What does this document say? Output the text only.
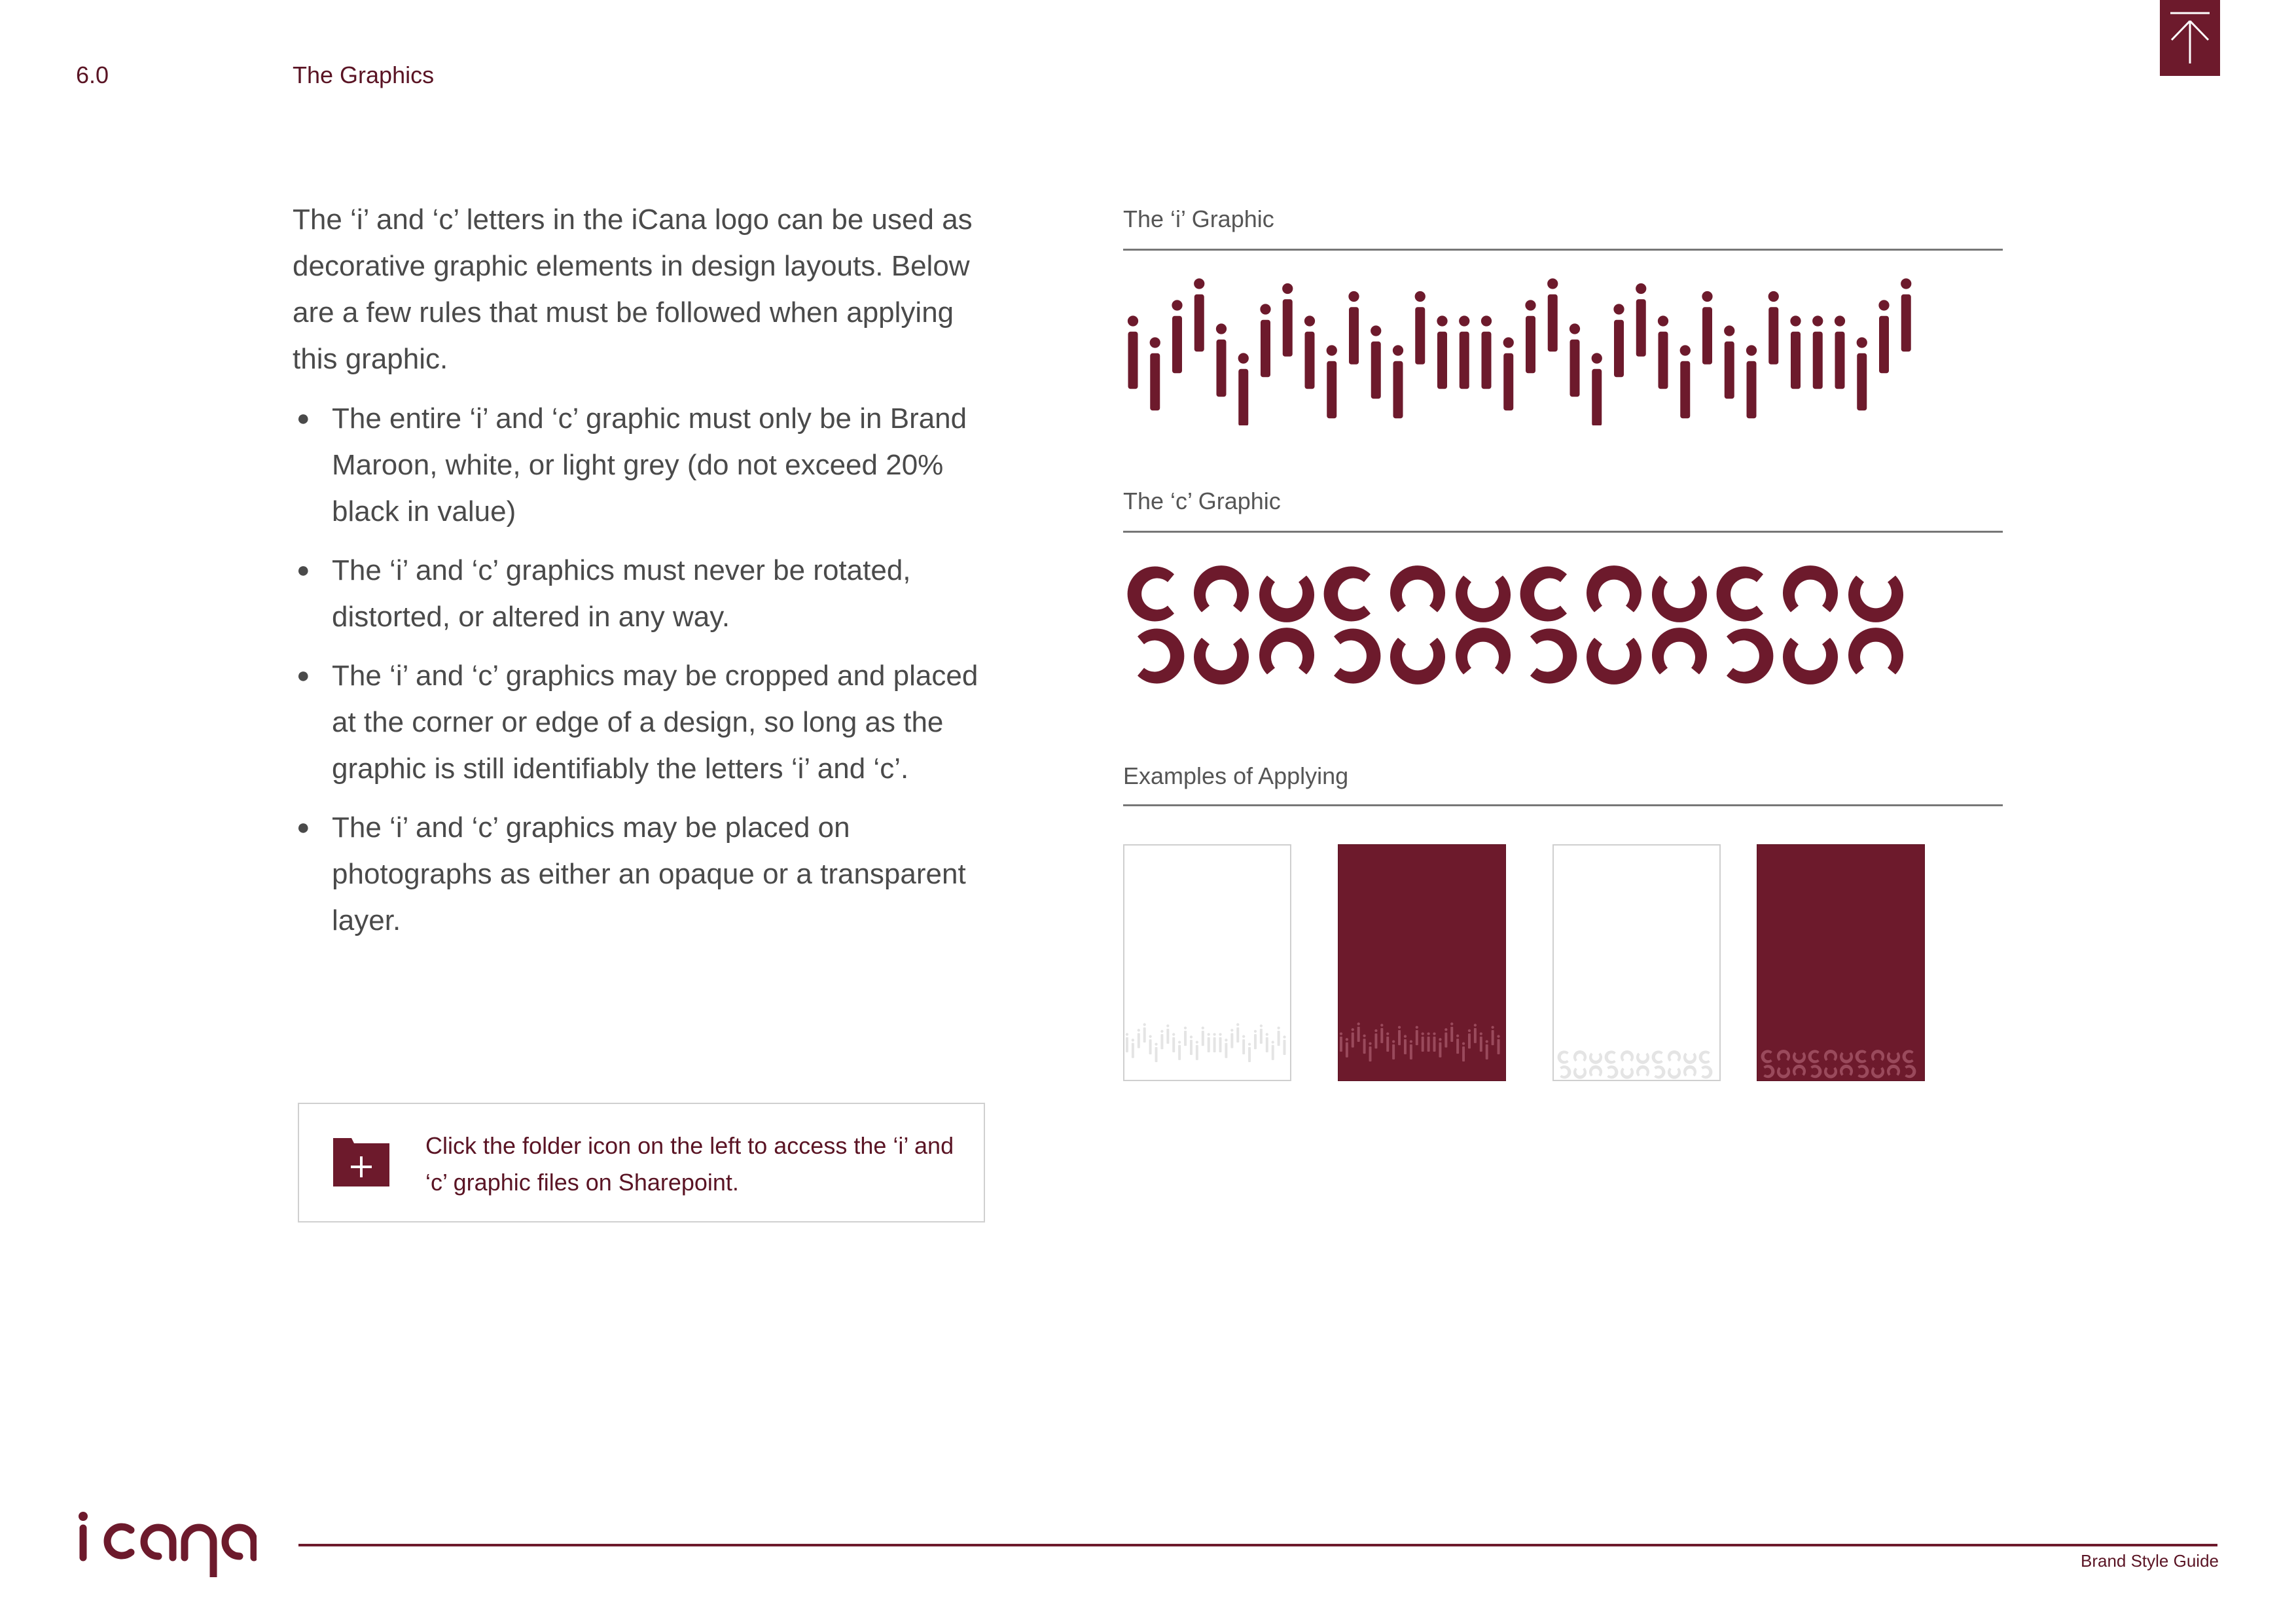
6.0	The Graphics

The ‘i’ and ‘c’ letters in the iCana logo can be used as decorative graphic elements in design layouts. Below are a few rules that must be followed when applying this graphic.

● The entire ‘i’ and ‘c’ graphic must only be in Brand Maroon, white, or light grey (do not exceed 20% black in value)
● The ‘i’ and ‘c’ graphics must never be rotated, distorted, or altered in any way.
● The ‘i’ and ‘c’ graphics may be cropped and placed at the corner or edge of a design, so long as the graphic is still identifiably the letters ‘i’ and ‘c’.
● The ‘i’ and ‘c’ graphics may be placed on photographs as either an opaque or a transparent layer.
Click the folder icon on the left to access the ‘i’ and ‘c’ graphic files on Sharepoint.
The ‘i’ Graphic
The ‘c’ Graphic
Examples of Applying
Brand Style Guide
